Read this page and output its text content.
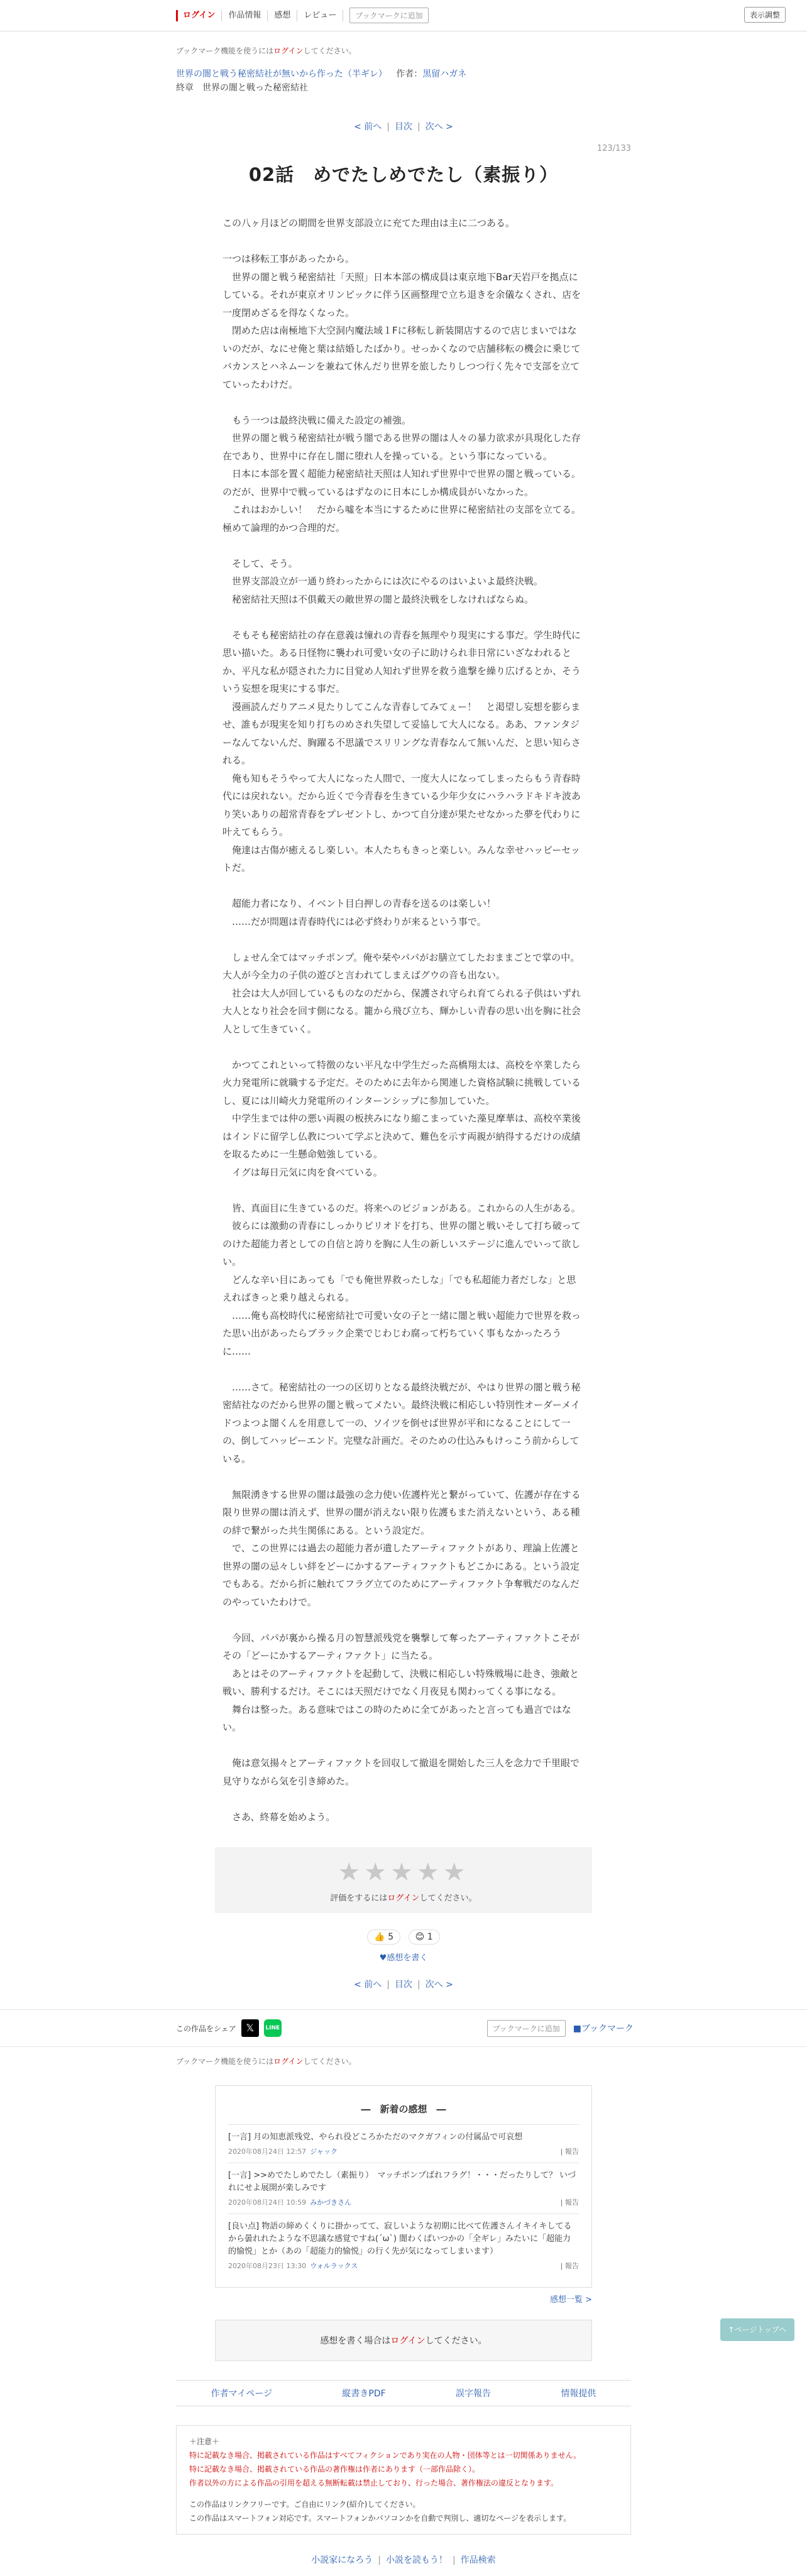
ログイン	作品情報	感想	レビュー	ブックマークに追加	表示調整
ブックマーク機能を使うにはログインしてください。
世界の闇と戦う秘密結社が無いから作った（半ギレ） 作者：黒留ハガネ
終章　 世界の闇と戦った秘密結社
< 前へ | 目次 | 次へ >
123/133
02話　めでたしめでたし（素振り）

この八ヶ月ほどの期間を世界支部設立に充てた理由は主に二つある。

一つは移転工事があったから。

　世界の闇と戦う秘密結社「天照」日本本部の構成員は東京地下Bar天岩戸を拠点にしている。それが東京オリンピックに伴う区画整理で立ち退きを余儀なくされ、店を一度閉めざるを得なくなった。

　閉めた店は南極地下大空洞内魔法域１Fに移転し新装開店するので店じまいではないのだが、なにせ俺と葉は結婚したばかり。せっかくなので店舗移転の機会に乗じてバカンスとハネムーンを兼ねて休んだり世界を旅したりしつつ行く先々で支部を立てていったわけだ。

　もう一つは最終決戦に備えた設定の補強。

　世界の闇と戦う秘密結社が戦う闇である世界の闇は人々の暴力欲求が具現化した存在であり、世界中に存在し闇に堕れ人を操っている。という事になっている。

　日本に本部を置く超能力秘密結社天照は人知れず世界中で世界の闇と戦っている。のだが、世界中で戦っているはずなのに日本にしか構成員がいなかった。

　これはおかしい！　だから噓を本当にするために世界に秘密結社の支部を立てる。極めて論理的かつ合理的だ。

　そして、そう。

　世界支部設立が一通り終わったからには次にやるのはいよいよ最終決戦。

　秘密結社天照は不俱戴天の敵世界の闇と最終決戦をしなければならぬ。

　そもそも秘密結社の存在意義は憧れの青春を無理やり現実にする事だ。学生時代に思い描いた。ある日怪物に襲われ可愛い女の子に助けられ非日常にいざなわれるとか、平凡な私が隠された力に目覚め人知れず世界を救う進撃を繰り広げるとか、そういう妄想を現実にする事だ。

　漫画読んだりアニメ見たりしてこんな青春してみてぇー！　と渇望し妄想を膨らませ、誰もが現実を知り打ちのめされ失望して妥協して大人になる。ああ、ファンタジーなんてないんだ、胸躍る不思議でスリリングな青春なんて無いんだ、と思い知らされる。

　俺も知もそうやって大人になった人間で、一度大人になってしまったらもう青春時代には戻れない。だから近くで今青春を生きている少年少女にハラハラドキドキ波あり笑いありの超常青春をプレゼントし、かつて自分達が果たせなかった夢を代わりに叶えてもらう。

　俺達は古傷が癒えるし楽しい。本人たちもきっと楽しい。みんな幸せハッピーセットだ。

　超能力者になり、イベント目白押しの青春を送るのは楽しい！

　……だが問題は青春時代には必ず終わりが来るという事で。

　しょせん全てはマッチポンプ。俺や栞やパパがお膳立てしたおままごとで掌の中。大人が今全力の子供の遊びと言われてしまえばグウの音も出ない。

　社会は大人が回しているものなのだから、保護され守られ育てられる子供はいずれ大人となり社会を回す側になる。籠から飛び立ち、輝かしい青春の思い出を胸に社会人として生きていく。

　かつてこれといって特徴のない平凡な中学生だった高橋翔太は、高校を卒業したら火力発電所に就職する予定だ。そのために去年から関連した資格試験に挑戦しているし、夏には川崎火力発電所のインターンシップに参加していた。

　中学生までは仲の悪い両親の板挟みになり縮こまっていた藻見摩華は、高校卒業後はインドに留学し仏教について学ぶと決めて、難色を示す両親が納得するだけの成績を取るために一生懸命勉強している。

　イグは毎日元気に肉を食べている。

　皆、真面目に生きているのだ。将来へのビジョンがある。これからの人生がある。

　彼らには激動の青春にしっかりピリオドを打ち、世界の闇と戦いそして打ち破ってのけた超能力者としての自信と誇りを胸に人生の新しいステージに進んでいって欲しい。

　どんな辛い目にあっても「でも俺世界救ったしな」「でも私超能力者だしな」と思えればきっと乗り越えられる。

　……俺も高校時代に秘密結社で可愛い女の子と一緒に闇と戦い超能力で世界を救った思い出があったらブラック企業でじわじわ腐って朽ちていく事もなかったろうに……

　……さて。秘密結社の一つの区切りとなる最終決戦だが、やはり世界の闇と戦う秘密結社なのだから世界の闇と戦ってメたい。最終決戦に相応しい特別性オーダーメイドつよつよ闇くんを用意して一の、ソイツを倒せば世界が平和になることにして一の、倒してハッピーエンド。完璧な計画だ。そのための仕込みもけっこう前からしている。

　無限湧きする世界の闇は最強の念力使い佐護杵光と繋がっていて、佐護が存在する限り世界の闇は消えず、世界の闇が消えない限り佐護もまた消えないという、ある種の絆で繋がった共生関係にある。という設定だ。

　で、この世界には過去の超能力者が遺したアーティファクトがあり、理論上佐護と世界の闇の忌々しい絆をどーにかするアーティファクトもどこかにある。という設定でもある。だから折に触れてフラグ立てのためにアーティファクト争奪戦だのなんだのやっていたわけで。

　今回、パパが裏から操る月の智慧派残党を襲撃して奪ったアーティファクトこそがその「どーにかするアーティファクト」に当たる。

　あとはそのアーティファクトを起動して、決戦に相応しい特殊戦場に赴き、強敵と戦い、勝利するだけ。そこには天照だけでなく月夜見も関わってくる事になる。

　舞台は整った。ある意味ではこの時のために全てがあったと言っても過言ではない。

　俺は意気揚々とアーティファクトを回収して撤退を開始した三人を念力で千里眼で見守りながら気を引き締めた。

　さあ、終幕を始めよう。

★★★★★
評価をするにはログインしてください。
👍 5 😊 1
♥感想を書く
< 前へ | 目次 | 次へ >
この作品をシェア 𝕏	LINE	ブックマークに追加	■ブックマーク
ブックマーク機能を使うにはログインしてください。
―　新着の感想　―
[一言] 月の知恵派残党、やられ役どころかただのマクガフィンの付属品で可哀想
2020年08月24日 12:57 ジャック	| 報告
[一言] >>めでたしめでたし（素振り）　マッチポンプばれフラグ！・・・だったりして？ いづれにせよ展開が楽しみです
2020年08月24日 10:59 みかづきさん	| 報告
[良い点] 物語の締めくくりに掛かってて、寂しいような初期に比べて佐護さんイキイキしてるから曇れれたような不思議な感覚ですね(´ω`) 闇わくぱいつかの「全ギレ」みたいに「超能力的愉悦」とか（あの「超能力的愉悦」の行く先が気になってしまいます）
2020年08月23日 13:30 ウォルラックス	| 報告
感想一覧 >
感想を書く場合はログインしてください。
作者マイページ	縦書きPDF	誤字報告	情報提供
＋注意＋
特に記載なき場合、掲載されている作品はすべてフィクションであり実在の人物・団体等とは一切関係ありません。
特に記載なき場合、掲載されている作品の著作権は作者にあります（一部作品除く）。
作者以外の方による作品の引用を超える無断転載は禁止しており、行った場合、著作権法の違反となります。
この作品はリンクフリーです。ご自由にリンク(紹介)してください。
この作品はスマートフォン対応です。スマートフォンかパソコンかを自動で判別し、適切なページを表示します。
小説家になろう | 小説を読もう！ | 作品検索
↑ページトップへ
